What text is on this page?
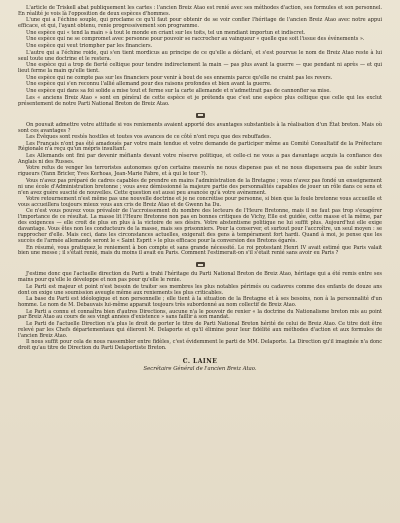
L'article de Triskell abat publiquement les cartes : l'ancien Breiz Atao est renié avec ses méthodes d'action, ses formules et son personnel. En réalité je vois là l'opposition de deux espèces d'hommes.

L'une qui a l'échine souple, qui proclame ce qu'il faut pour obtenir de se voir confier l'héritage de l'ancien Breiz Atao avec notre appui efficace, et qui, l'ayant obtenu, renie progressivement son programme.

Une espèce qui « tend la main » à tout le monde en criant sur les toits, tel un mendiant importun et indiscret.

Une espèce qui ne se compromet avec personne pour pouvoir se raccrocher au vainqueur « quelle que soit l'issue des événements ».

Une espèce qui veut triompher par les financiers.

L'autre qui a l'échine roide, qui s'en tient mordicus au principe de ce qu'elle a déclaré, et s'est pourvue le nom de Breiz Atao reste à lui seul toute une doctrine et le restera.

Une espèce qui a trop de fierté celtique pour tendre indirectement la main — pas plus avant la guerre — que pendant ni après — et qui lieut ferme la main qu'elle tient.

Une espèce qui ne compte pas sur les financiers pour venir à bout de ses ennemis parce qu'elle ne craint pas les revers.

Une espèce qui s'en reconnu l'allié allemand pour des raisons profondes et bien avant la guerre.

Une espèce qui dans sa foi solide a mise tout et ferme sur la carte allemande et n'admettrait pas de cannonfier sa mise.

Les « anciens Breiz Atao » sont en général de cette espèce et je prétends que c'est une espèce plus celtique que celle qui les exclut présentement de notre Parti National Breton de Breiz Atao.

On pouvait admettre votre attitude si vos reniements avaient apporté des avantages substantiels à la réalisation d'un État breton. Mais où sont ces avantages ?

Les Évêques sont restés hostiles et toutes vos avances de ce côté n'ont reçu que des rebuffades.

Les Français n'ont pas été amadoués par votre main tendue et votre demande de participer même au Comité Consultatif de la Préfecture Régionale n'a reçu qu'un mépris insultant.

Les Allemands ont fini par devenir méfiants devant votre réserve politique, et celle-ci ne vous a pas davantage acquis la confiance des Anglais ni des Russes.

Votre refus de venger les terroristes autonomes qu'on certains mesurés ne nous dispense pas et ne nous dispensera pas de subir leurs rigueurs (Yann Bricler, Yves Kerhoas, Jean-Marie Fabre, et à qui le tour ?).

Vous n'avez pas préparé de cadres capables de prendre en mains l'administration de la Bretagne ; vous n'avez pas fondé un enseignement ni une école d'Administration bretonne ; vous avez démissionné la majeure partie des personnalités capables de jouer un rôle dans ce sens et n'en avez guère suscité de nouvelles. Cette question est aussi peu avancée qu'à votre avènement.

Votre retournement n'est même pas une nouvelle doctrine et je ne concrétise pour personne, si bien que la foule bretonne vous accueille et vous accueillera toujours mieux vous aux cris de Breiz Atao et de Gwenn ha Du.

Ce n'est vous pouvez vous prévaloir de l'accroissement du nombre des lecteurs de l'Heure Bretonne, mais il ne faut pas trop s'exagérer l'importance de ce résultat. La masse lit l'Heure Bretonne non pas en bonnes critiques de Vichy, Elle est guidée, cette masse et la même, par des exigences — elle croit de plus en plus à la victoire de ses désirs. Votre abstentisme politique ne lui suffit plus. Aujourd'hui elle exige davantage. Vous êtes non les conducteurs de la masse, mais ses prisonniers. Pour la conserver, et surtout pour l'accroître, un seul moyen : se rapprocher d'elle. Mais ceci, dans les circonstances actuelles, exigerait des gens à tempérament fort hardi. Quand à moi, je pense que les succès de l'armée allemande seront le « Saint Esprit » le plus efficace pour la conversion des Bretons égarés.

En résumé, vous pratiquez le reniement à bon compte et sans grande nécessité. Le roi protestant Henri IV avait estimé que Paris valait bien une messe ; il s'était renié, mais du moins il avait eu Paris. Comment l'estimerait-on s'il s'était renié sans avoir eu Paris ?

J'estime donc que l'actuelle direction du Parti a trahi l'héritage du Parti National Breton de Breiz Atao, héritage qui a été remis entre ses mains pour qu'elle le développe et non pas pour qu'elle le renie.

Le Parti est majeur et point n'est besoin de traiter ses membres les plus notables périmés ou cadavres comme des enfants de douze ans dont on exige une soumission aveugle même aux reniements les plus criticables.

La base du Parti est idéologique et non personnelle ; elle tient à la situation de la Bretagne et à ses besoins, non à la personnalité d'un homme. Le nom de M. Debauvais lui-même apparait toujours très subordonné au nom collectif de Breiz Atao.

Le Parti a connu et connaîtra bien d'autres Directions, aucune n'a le pouvoir de renier « la doctrine du Nationalisme breton mis au point par Breiz Atao au cours de ses vingt années d'existence » sans faillir à son mandat.

Le Parti de l'actuelle Direction n'a plus le droit de porter le titre de Parti National Breton hérité de celui de Breiz Atao. Ce titre doit être relevé par les Chefs départementaux qui élieront M. Delaporte et qu'il élimine pour leur fidélité aux méthodes d'action et aux formules de l'ancien Breiz Atao.

Il nous suffit pour cela de nous rassembler entre fidèles, c'est évidemment le parti de MM. Delaporte. La Direction qu'il imaginée n'a donc droit qu'au titre de Direction du Parti Delaportiste Breton.

C. LAINE
Secrétaire Général de l'ancien Breiz Atao.
